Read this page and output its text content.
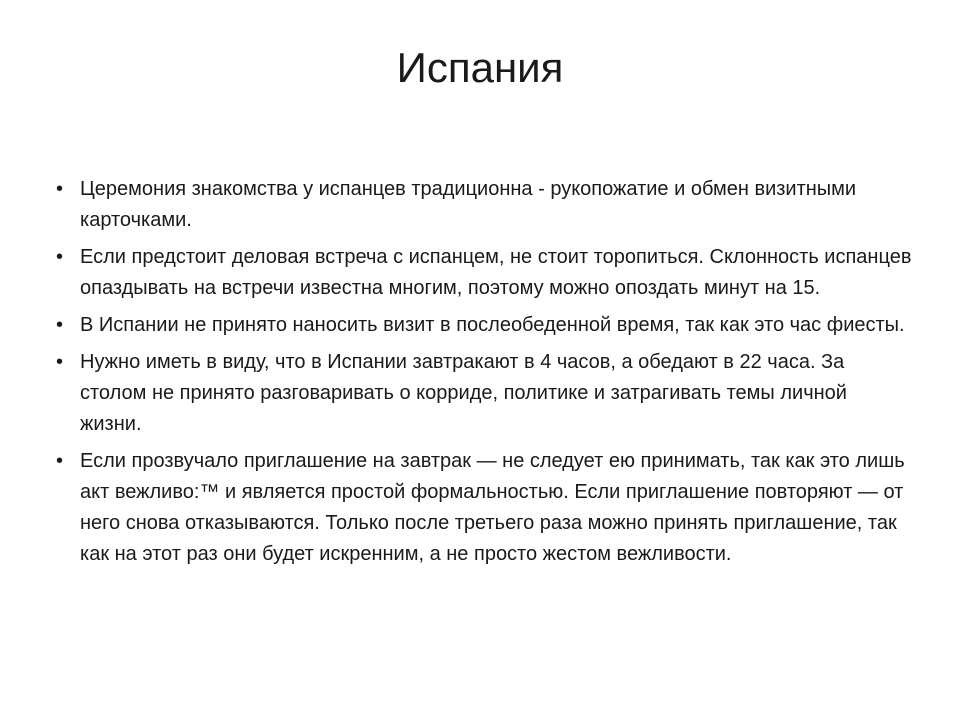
Испания
• Церемония знакомства у испанцев традиционна - рукопожатие и обмен визитными карточками.
• Если предстоит деловая встреча с испанцем, не стоит торопиться. Склонность испанцев опаздывать на встречи известна многим, поэтому можно опоздать минут на 15.
• В Испании не принято наносить визит в послеобеденной время, так как это час фиесты.
• Нужно иметь в виду, что в Испании завтракают в 4 часов, а обедают в 22 часа. За столом не принято разговаривать о корриде, политике и затрагивать темы личной жизни.
• Если прозвучало приглашение на завтрак — не следует ею принимать, так как это лишь акт вежливо:™ и является простой формальностью. Если приглашение повторяют — от него снова отказываются. Только после третьего раза можно принять приглашение, так как на этот раз они будет искренним, а не просто жестом вежливости.
